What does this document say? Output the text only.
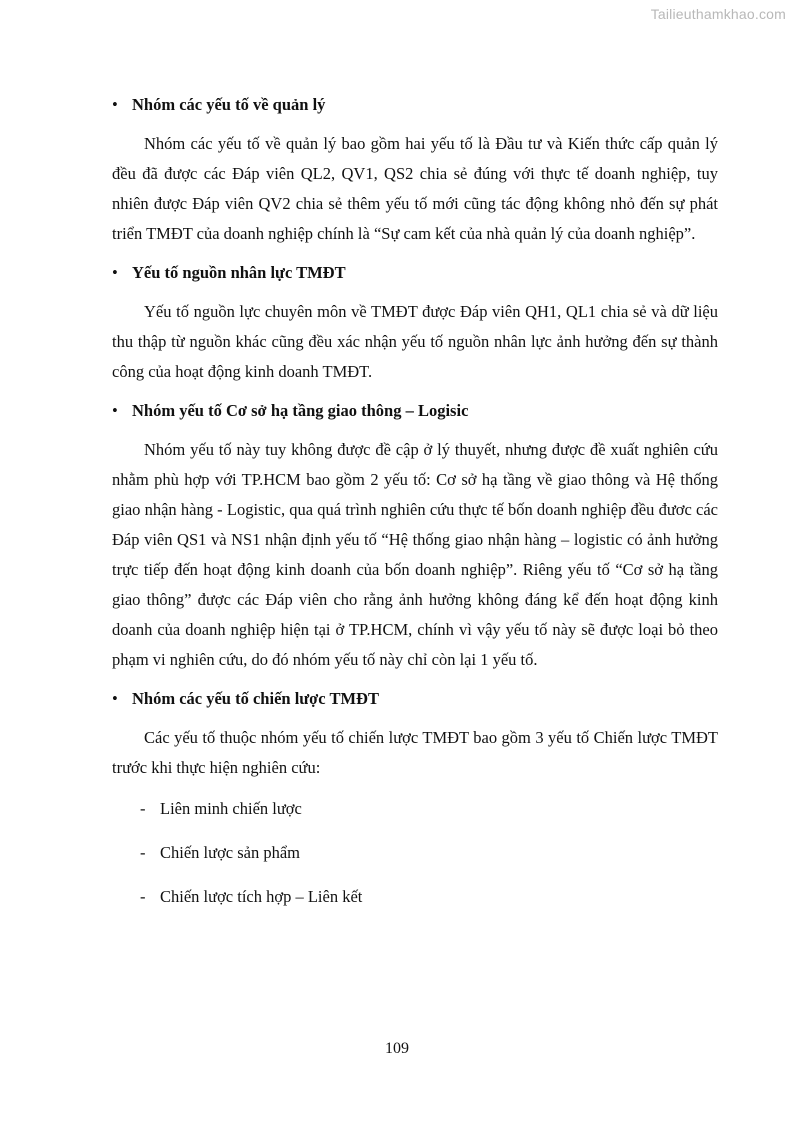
Tailieuthamkhao.com
• Nhóm các yếu tố về quản lý

Nhóm các yếu tố về quản lý bao gồm hai yếu tố là Đầu tư và Kiến thức cấp quản lý đều đã được các Đáp viên QL2, QV1, QS2 chia sẻ đúng với thực tế doanh nghiệp, tuy nhiên được Đáp viên QV2 chia sẻ thêm yếu tố mới cũng tác động không nhỏ đến sự phát triển TMĐT của doanh nghiệp chính là “Sự cam kết của nhà quản lý của doanh nghiệp”.

• Yếu tố nguồn nhân lực TMĐT

Yếu tố nguồn lực chuyên môn về TMĐT được Đáp viên QH1, QL1 chia sẻ và dữ liệu thu thập từ nguồn khác cũng đều xác nhận yếu tố nguồn nhân lực ảnh hưởng đến sự thành công của hoạt động kinh doanh TMĐT.

• Nhóm yếu tố Cơ sở hạ tầng giao thông – Logisic

Nhóm yếu tố này tuy không được đề cập ở lý thuyết, nhưng được đề xuất nghiên cứu nhằm phù hợp với TP.HCM bao gồm 2 yếu tố: Cơ sở hạ tầng về giao thông và Hệ thống giao nhận hàng - Logistic, qua quá trình nghiên cứu thực tế bốn doanh nghiệp đều đươc các Đáp viên QS1 và NS1 nhận định yếu tố “Hệ thống giao nhận hàng – logistic có ảnh hưởng trực tiếp đến hoạt động kinh doanh của bốn doanh nghiệp”. Riêng yếu tố “Cơ sở hạ tầng giao thông” được các Đáp viên cho rằng ảnh hưởng không đáng kể đến hoạt động kinh doanh của doanh nghiệp hiện tại ở TP.HCM, chính vì vậy yếu tố này sẽ được loại bỏ theo phạm vi nghiên cứu, do đó nhóm yếu tố này chỉ còn lại 1 yếu tố.

• Nhóm các yếu tố chiến lược TMĐT

Các yếu tố thuộc nhóm yếu tố chiến lược TMĐT bao gồm 3 yếu tố Chiến lược TMĐT trước khi thực hiện nghiên cứu:

- Liên minh chiến lược
- Chiến lược sản phẩm
- Chiến lược tích hợp – Liên kết
109
